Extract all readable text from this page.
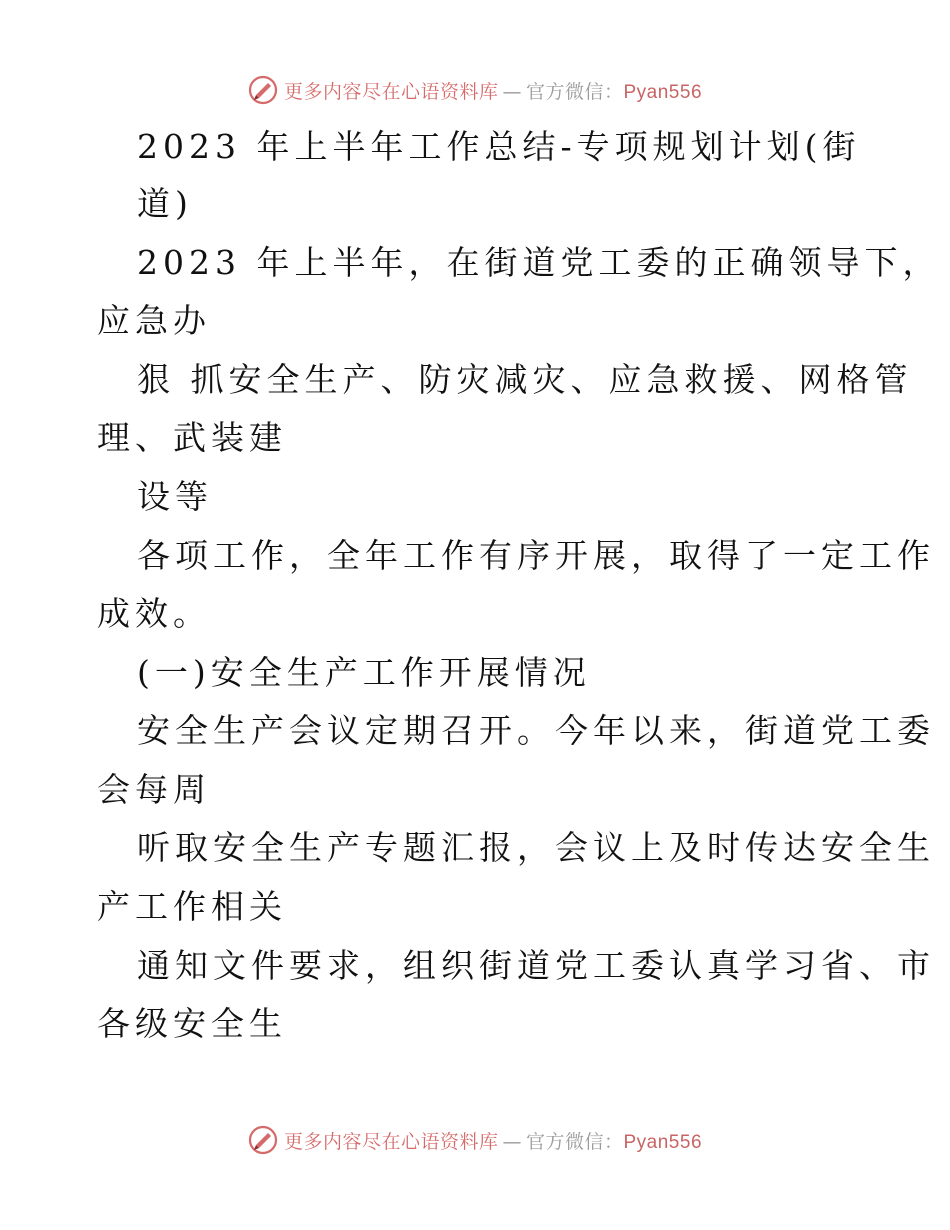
更多内容尽在心语资料库 — 官方微信：Pyan556
2023 年上半年工作总结-专项规划计划(街
道)
2023 年上半年，在街道党工委的正确领导下，
应急办
狠 抓安全生产、防灾减灾、应急救援、网格管
理、武装建
设等
各项工作，全年工作有序开展，取得了一定工作
成效。
(一)安全生产工作开展情况
安全生产会议定期召开。今年以来，街道党工委
会每周
听取安全生产专题汇报，会议上及时传达安全生
产工作相关
通知文件要求，组织街道党工委认真学习省、市
各级安全生
更多内容尽在心语资料库 — 官方微信：Pyan556
